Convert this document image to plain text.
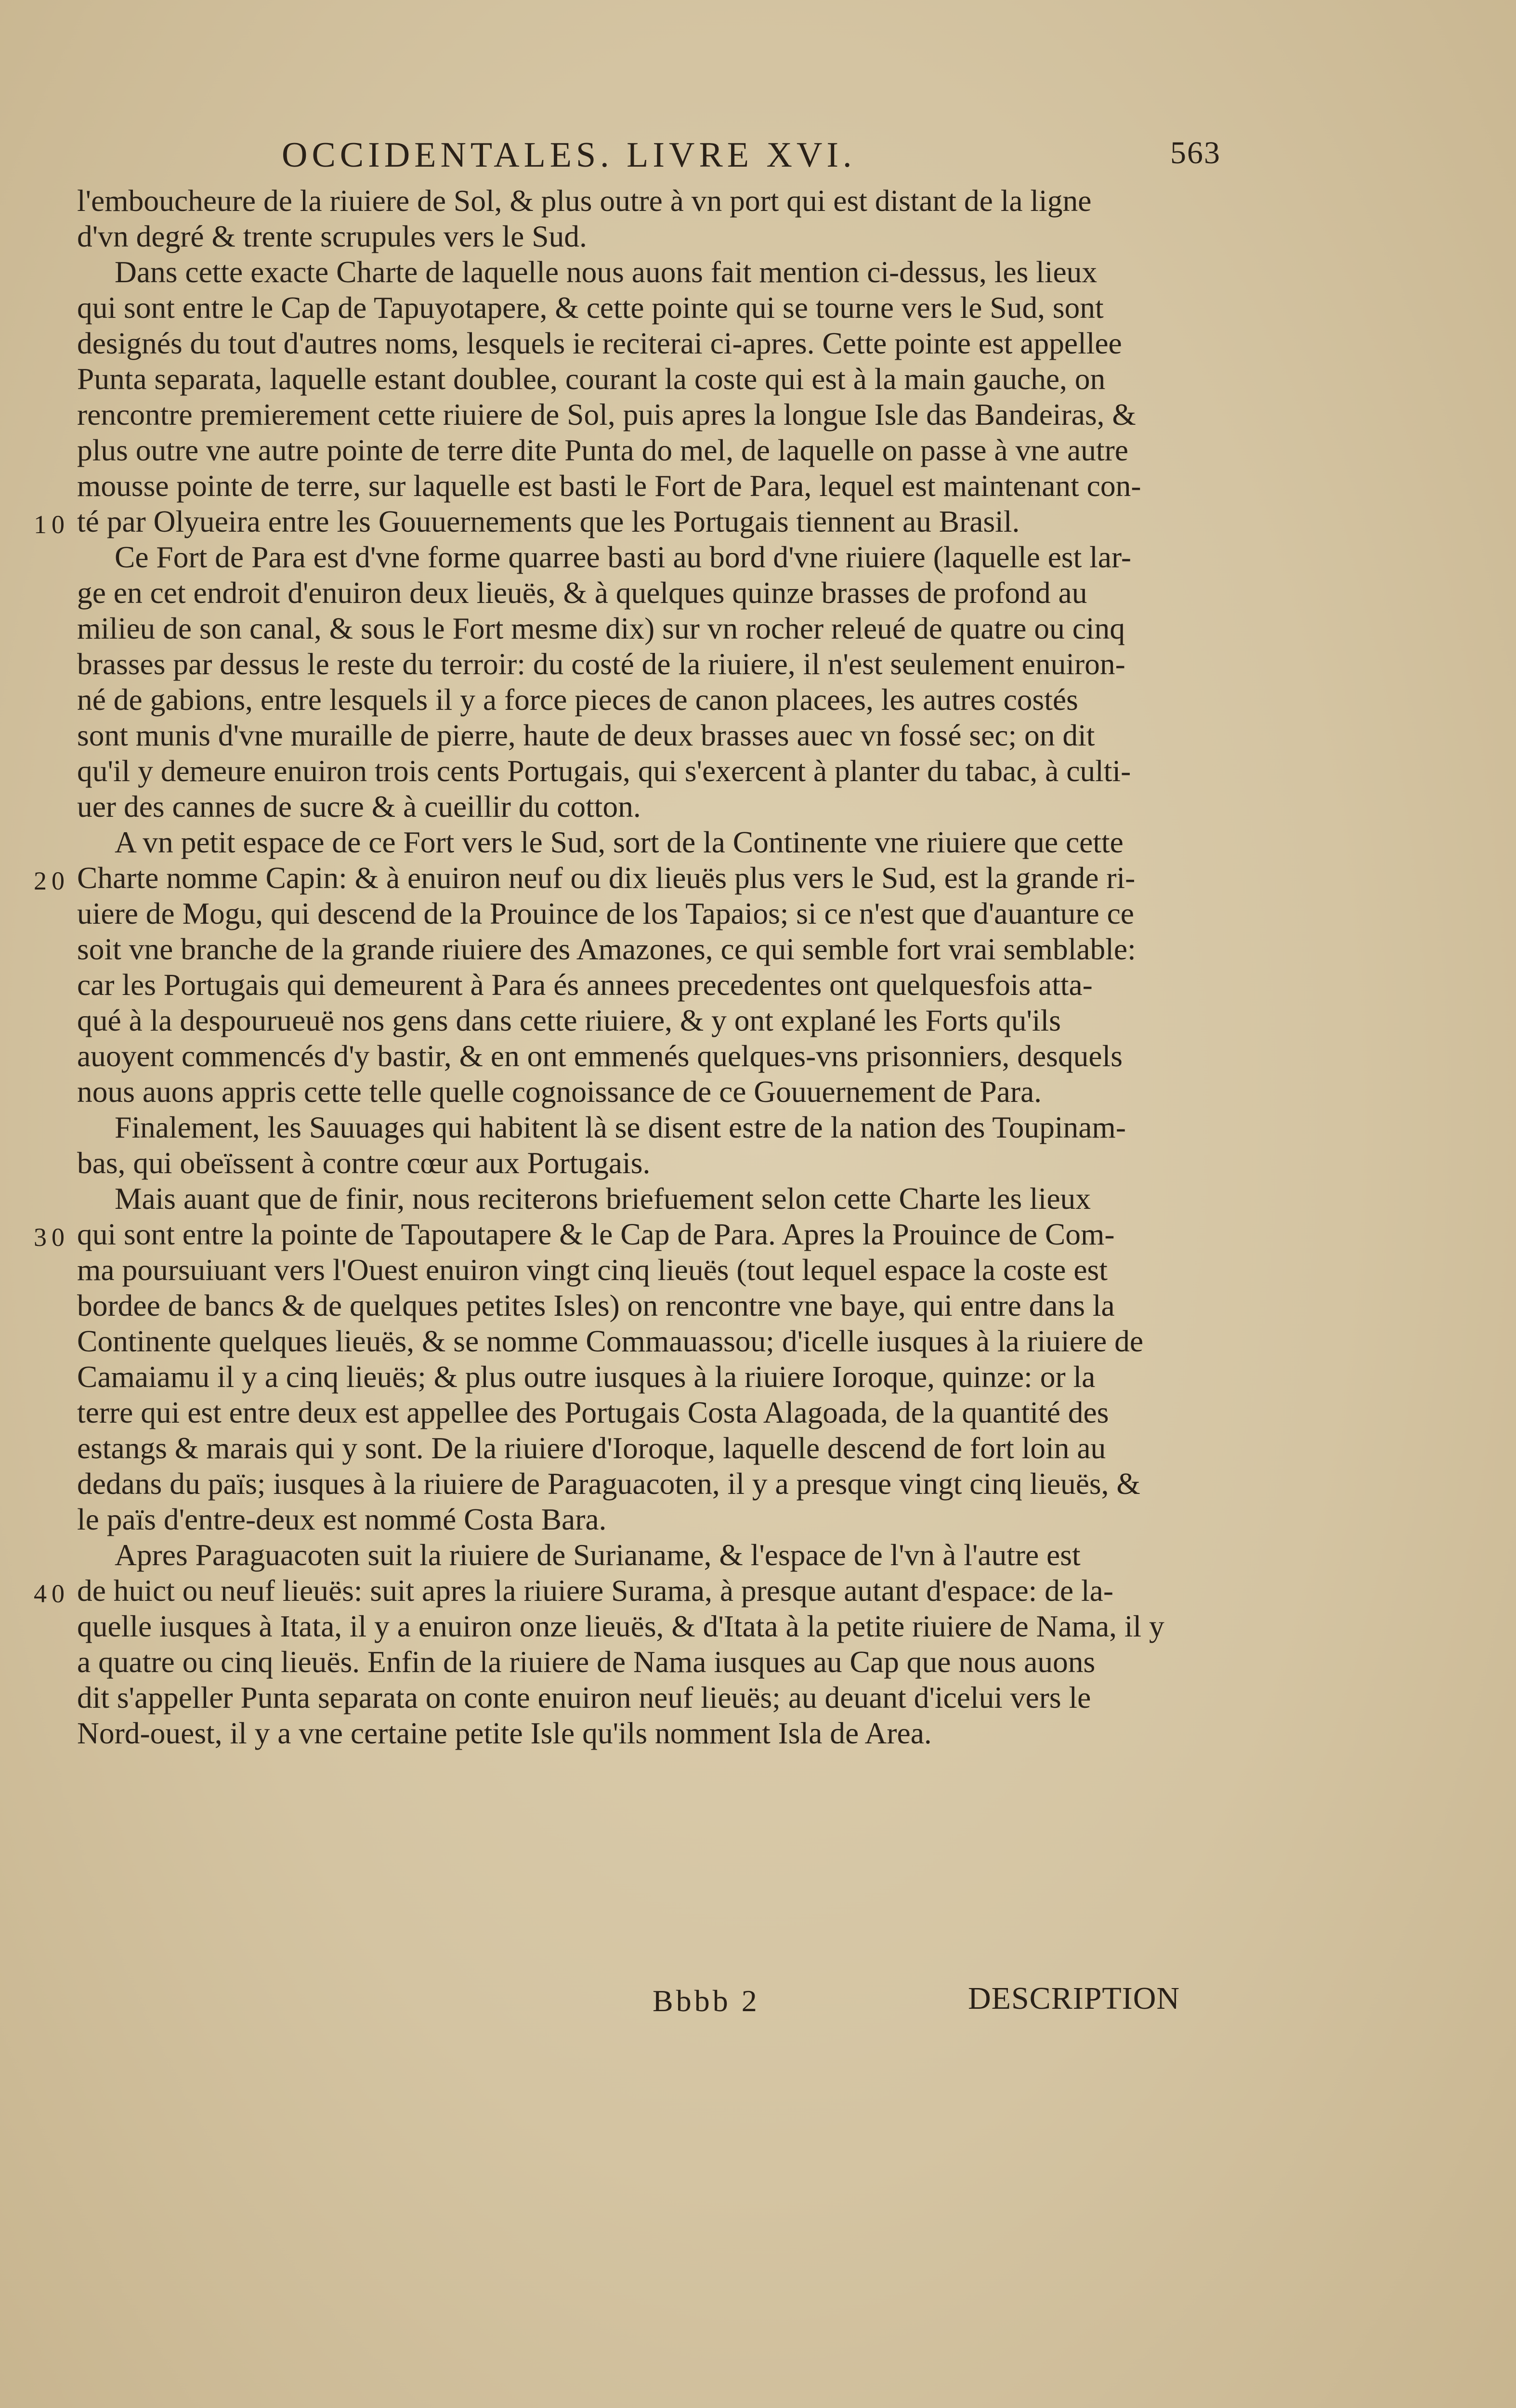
OCCIDENTALES. LIVRE XVI.	563
l'emboucheure de la riuiere de Sol, & plus outre à vn port qui est distant de la ligne
d'vn degré & trente scrupules vers le Sud.
Dans cette exacte Charte de laquelle nous auons fait mention ci-dessus, les lieux
qui sont entre le Cap de Tapuyotapere, & cette pointe qui se tourne vers le Sud, sont
designés du tout d'autres noms, lesquels ie reciterai ci-apres. Cette pointe est appellee
Punta separata, laquelle estant doublee, courant la coste qui est à la main gauche, on
rencontre premierement cette riuiere de Sol, puis apres la longue Isle das Bandeiras, &
plus outre vne autre pointe de terre dite Punta do mel, de laquelle on passe à vne autre
mousse pointe de terre, sur laquelle est basti le Fort de Para, lequel est maintenant con-
10 té par Olyueira entre les Gouuernements que les Portugais tiennent au Brasil.
Ce Fort de Para est d'vne forme quarree basti au bord d'vne riuiere (laquelle est lar-
ge en cet endroit d'enuiron deux lieuës, & à quelques quinze brasses de profond au
milieu de son canal, & sous le Fort mesme dix) sur vn rocher releué de quatre ou cinq
brasses par dessus le reste du terroir: du costé de la riuiere, il n'est seulement enuiron-
né de gabions, entre lesquels il y a force pieces de canon placees, les autres costés
sont munis d'vne muraille de pierre, haute de deux brasses auec vn fossé sec; on dit
qu'il y demeure enuiron trois cents Portugais, qui s'exercent à planter du tabac, à culti-
uer des cannes de sucre & à cueillir du cotton.
A vn petit espace de ce Fort vers le Sud, sort de la Continente vne riuiere que cette
20 Charte nomme Capin: & à enuiron neuf ou dix lieuës plus vers le Sud, est la grande ri-
uiere de Mogu, qui descend de la Prouince de los Tapaios; si ce n'est que d'auanture ce
soit vne branche de la grande riuiere des Amazones, ce qui semble fort vrai semblable:
car les Portugais qui demeurent à Para és annees precedentes ont quelquesfois atta-
qué à la despourueuë nos gens dans cette riuiere, & y ont explané les Forts qu'ils
auoyent commencés d'y bastir, & en ont emmenés quelques-vns prisonniers, desquels
nous auons appris cette telle quelle cognoissance de ce Gouuernement de Para.
Finalement, les Sauuages qui habitent là se disent estre de la nation des Toupinam-
bas, qui obeïssent à contre cœur aux Portugais.
Mais auant que de finir, nous reciterons briefuement selon cette Charte les lieux
30 qui sont entre la pointe de Tapoutapere & le Cap de Para. Apres la Prouince de Com-
ma poursuiuant vers l'Ouest enuiron vingt cinq lieuës (tout lequel espace la coste est
bordee de bancs & de quelques petites Isles) on rencontre vne baye, qui entre dans la
Continente quelques lieuës, & se nomme Commauassou; d'icelle iusques à la riuiere de
Camaiamu il y a cinq lieuës; & plus outre iusques à la riuiere Ioroque, quinze: or la
terre qui est entre deux est appellee des Portugais Costa Alagoada, de la quantité des
estangs & marais qui y sont. De la riuiere d'Ioroque, laquelle descend de fort loin au
dedans du païs; iusques à la riuiere de Paraguacoten, il y a presque vingt cinq lieuës, &
le païs d'entre-deux est nommé Costa Bara.
Apres Paraguacoten suit la riuiere de Surianame, & l'espace de l'vn à l'autre est
40 de huict ou neuf lieuës: suit apres la riuiere Surama, à presque autant d'espace: de la-
quelle iusques à Itata, il y a enuiron onze lieuës, & d'Itata à la petite riuiere de Nama, il y
a quatre ou cinq lieuës. Enfin de la riuiere de Nama iusques au Cap que nous auons
dit s'appeller Punta separata on conte enuiron neuf lieuës; au deuant d'icelui vers le
Nord-ouest, il y a vne certaine petite Isle qu'ils nomment Isla de Area.
Bbbb 2	DESCRIPTION
